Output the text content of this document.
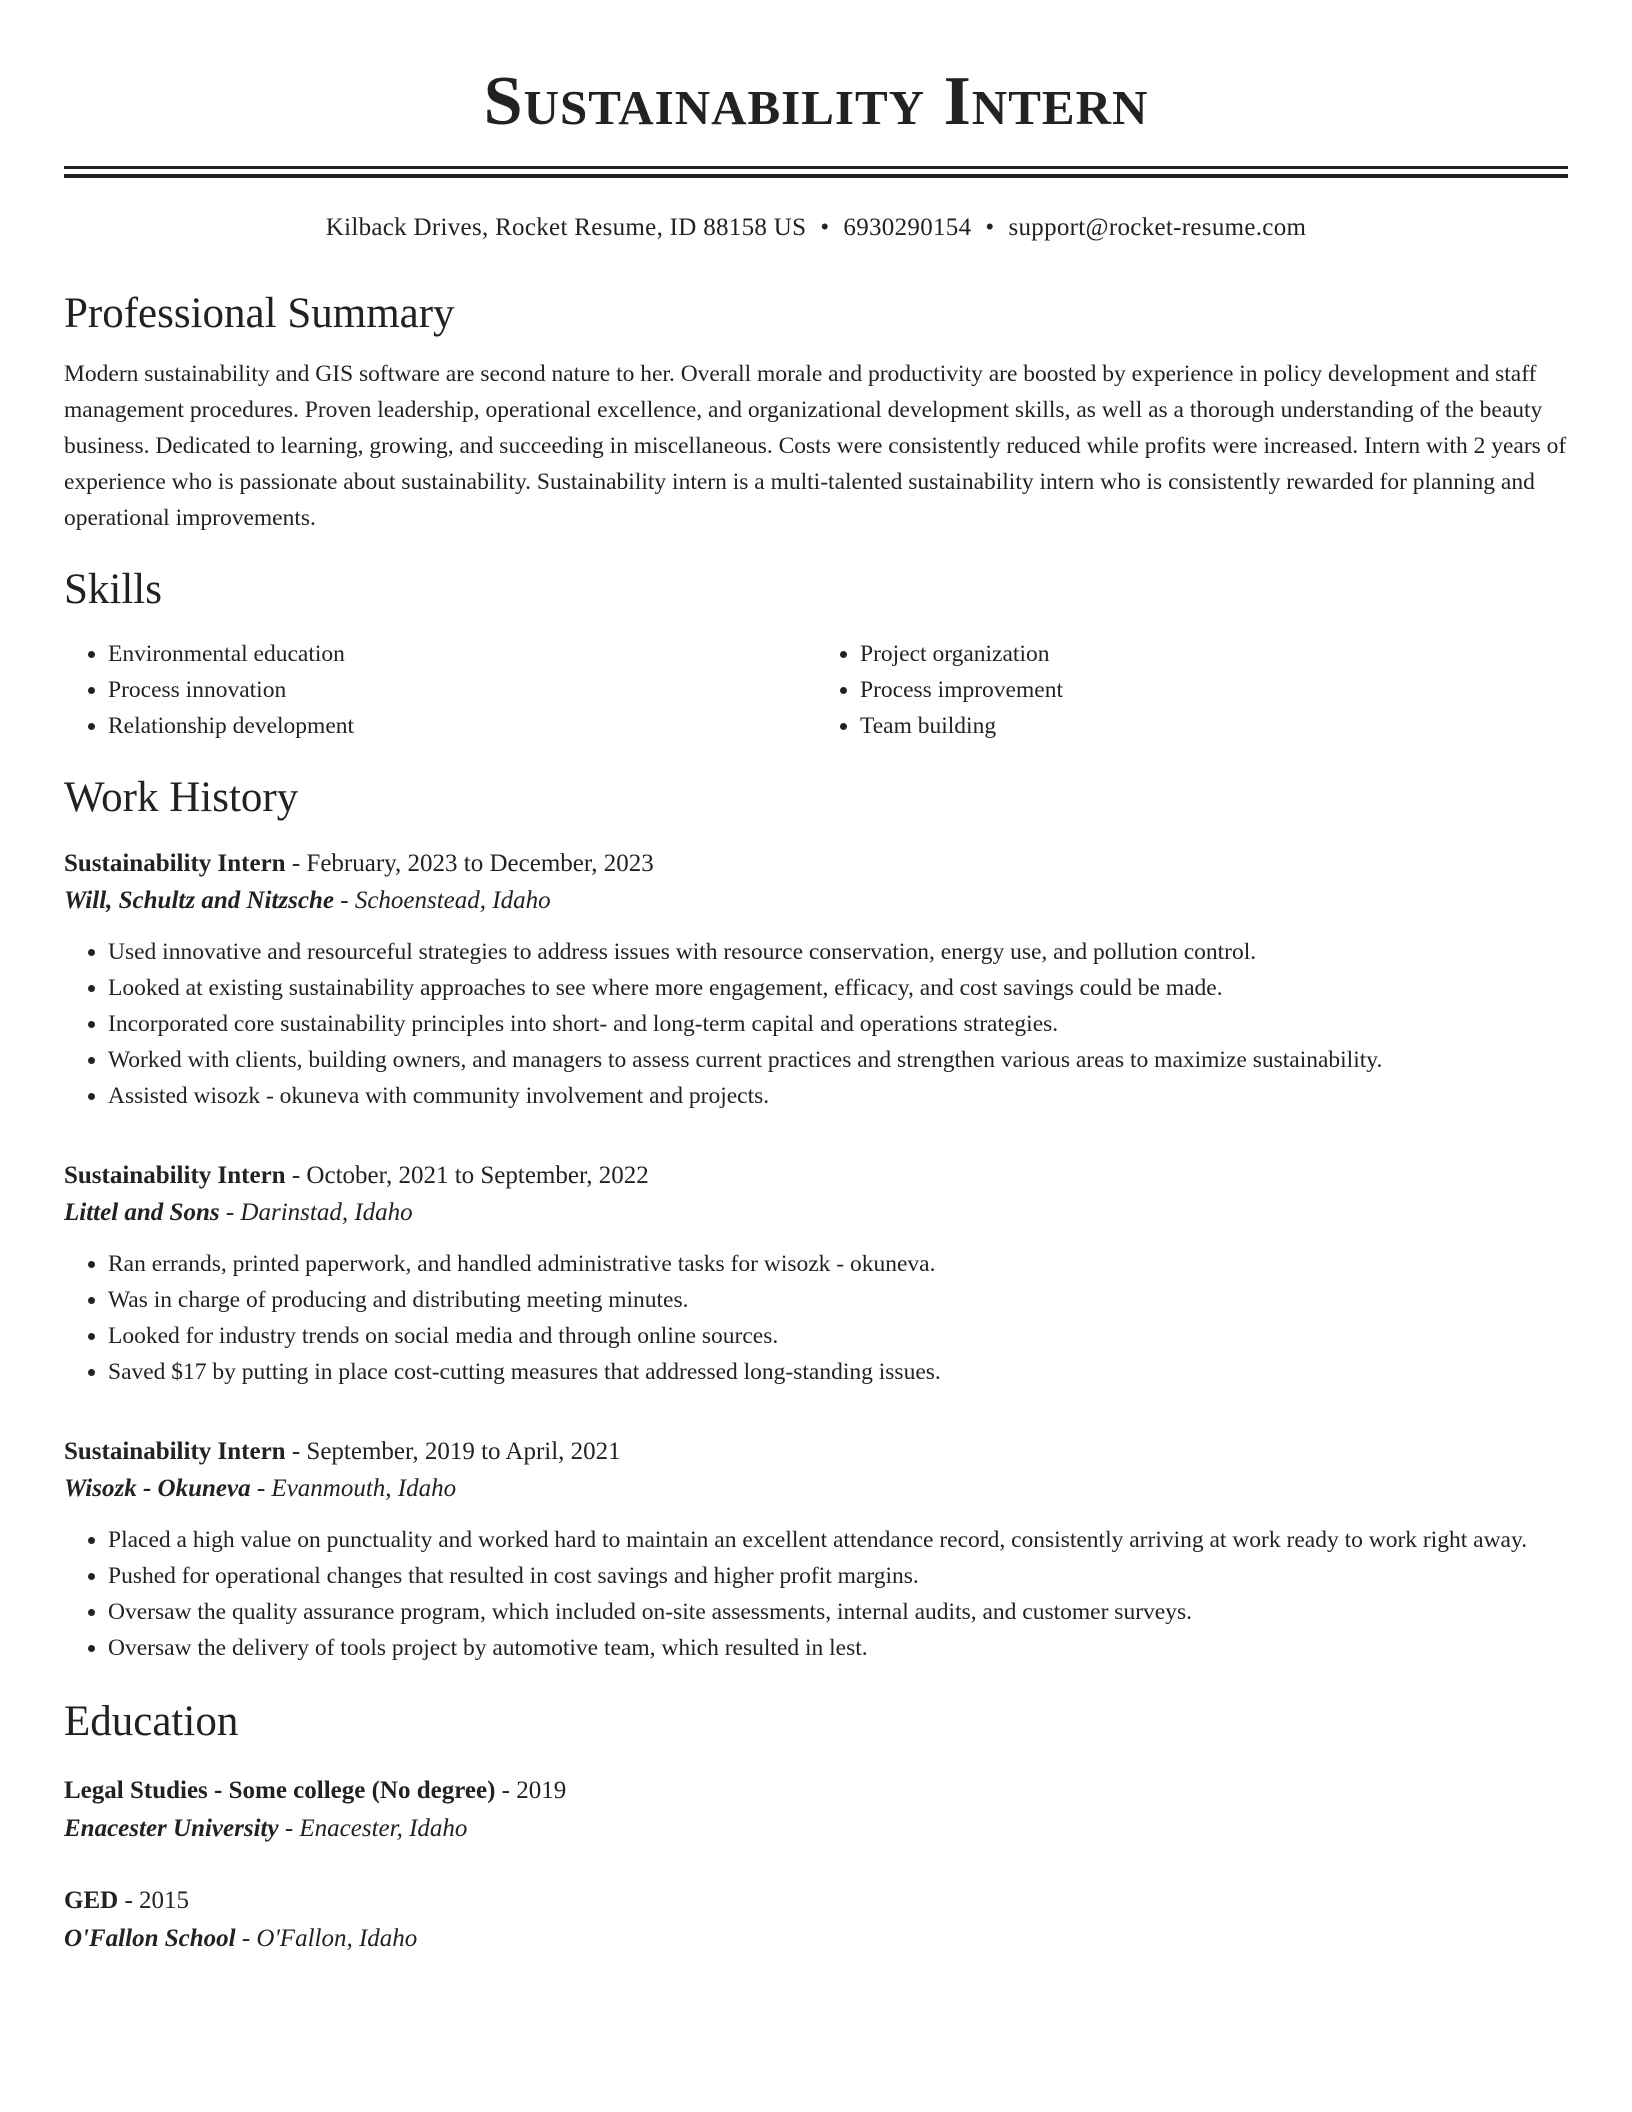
Sustainability Intern
Kilback Drives, Rocket Resume, ID 88158 US • 6930290154 • support@rocket-resume.com
Professional Summary

Modern sustainability and GIS software are second nature to her. Overall morale and productivity are boosted by experience in policy development and staff management procedures. Proven leadership, operational excellence, and organizational development skills, as well as a thorough understanding of the beauty business. Dedicated to learning, growing, and succeeding in miscellaneous. Costs were consistently reduced while profits were increased. Intern with 2 years of experience who is passionate about sustainability. Sustainability intern is a multi-talented sustainability intern who is consistently rewarded for planning and operational improvements.

Skills
• Environmental education
• Process innovation
• Relationship development
• Project organization
• Process improvement
• Team building
Work History
Sustainability Intern - February, 2023 to December, 2023
Will, Schultz and Nitzsche - Schoenstead, Idaho
• Used innovative and resourceful strategies to address issues with resource conservation, energy use, and pollution control.
• Looked at existing sustainability approaches to see where more engagement, efficacy, and cost savings could be made.
• Incorporated core sustainability principles into short- and long-term capital and operations strategies.
• Worked with clients, building owners, and managers to assess current practices and strengthen various areas to maximize sustainability.
• Assisted wisozk - okuneva with community involvement and projects.
Sustainability Intern - October, 2021 to September, 2022
Littel and Sons - Darinstad, Idaho
• Ran errands, printed paperwork, and handled administrative tasks for wisozk - okuneva.
• Was in charge of producing and distributing meeting minutes.
• Looked for industry trends on social media and through online sources.
• Saved $17 by putting in place cost-cutting measures that addressed long-standing issues.
Sustainability Intern - September, 2019 to April, 2021
Wisozk - Okuneva - Evanmouth, Idaho
• Placed a high value on punctuality and worked hard to maintain an excellent attendance record, consistently arriving at work ready to work right away.
• Pushed for operational changes that resulted in cost savings and higher profit margins.
• Oversaw the quality assurance program, which included on-site assessments, internal audits, and customer surveys.
• Oversaw the delivery of tools project by automotive team, which resulted in lest.
Education
Legal Studies - Some college (No degree) - 2019
Enacester University - Enacester, Idaho
GED - 2015
O'Fallon School - O'Fallon, Idaho
